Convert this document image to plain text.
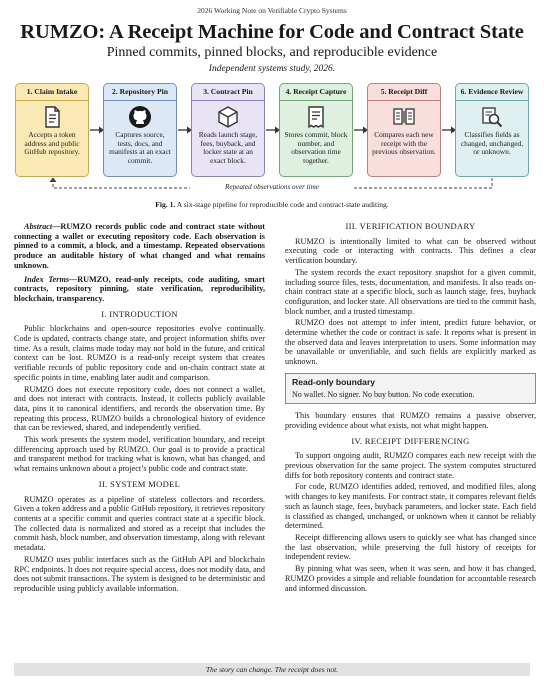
2026 Working Note on Verifiable Crypto Systems
RUMZO: A Receipt Machine for Code and Contract State
Pinned commits, pinned blocks, and reproducible evidence
Independent systems study, 2026.
1. Claim Intake
Accepts a token address and public GitHub repository.
2. Repository Pin
Captures source, tests, docs, and manifests at an exact commit.
3. Contract Pin
Reads launch stage, fees, buyback, and locker state at an exact block.
4. Receipt Capture
Stores commit, block number, and observation time together.
5. Receipt Diff
Compares each new receipt with the previous observation.
6. Evidence Review
Classifies fields as changed, unchanged, or unknown.
Repeated observations over time
Fig. 1. A six-stage pipeline for reproducible code and contract-state auditing.

Abstract—RUMZO records public code and contract state without connecting a wallet or executing repository code. Each observation is pinned to a commit, a block, and a timestamp. Repeated observations produce an auditable history of what changed and what remains unknown.

Index Terms—RUMZO, read-only receipts, code auditing, smart contracts, repository pinning, state verification, reproducibility, blockchain, transparency.

I. INTRODUCTION

Public blockchains and open-source repositories evolve continually. Code is updated, contracts change state, and project information shifts over time. As a result, claims made today may not hold in the future, and critical context can be lost. RUMZO is a read-only receipt system that creates verifiable records of public repository code and on-chain contract state at specific points in time, enabling later audit and comparison.

RUMZO does not execute repository code, does not connect a wallet, and does not interact with contracts. Instead, it collects publicly available data, pins it to canonical identifiers, and records the observation time. By repeating this process, RUMZO builds a chronological history of evidence that can be reviewed, shared, and independently verified.

This work presents the system model, verification boundary, and receipt differencing approach used by RUMZO. Our goal is to provide a practical and transparent method for tracking what is known, what has changed, and what remains unknown about a project’s public code and contract state.

II. SYSTEM MODEL

RUMZO operates as a pipeline of stateless collectors and recorders. Given a token address and a public GitHub repository, it retrieves repository contents at a specific commit and queries contract state at a specific block. The collected data is normalized and stored as a receipt that includes the commit hash, block number, and observation timestamp, along with relevant metadata.

RUMZO uses public interfaces such as the GitHub API and blockchain RPC endpoints. It does not require special access, does not modify data, and does not submit transactions. The system is designed to be deterministic and reproducible using publicly available information.

III. VERIFICATION BOUNDARY

RUMZO is intentionally limited to what can be observed without executing code or interacting with contracts. This defines a clear verification boundary.

The system records the exact repository snapshot for a given commit, including source files, tests, documentation, and manifests. It also reads on-chain contract state at a specific block, such as launch stage, fees, buyback configuration, and locker state. All observations are tied to the commit hash, block number, and a trusted timestamp.

RUMZO does not attempt to infer intent, predict future behavior, or determine whether the code or contract is safe. It reports what is present in the observed data and leaves interpretation to users. Some information may be unavailable or unverifiable, and such fields are explicitly marked as unknown.

Read-only boundary
No wallet. No signer. No buy button. No code execution.

This boundary ensures that RUMZO remains a passive observer, providing evidence about what exists, not what might happen.

IV. RECEIPT DIFFERENCING

To support ongoing audit, RUMZO compares each new receipt with the previous observation for the same project. The system computes structured diffs for both repository contents and contract state.

For code, RUMZO identifies added, removed, and modified files, along with changes to key manifests. For contract state, it compares relevant fields such as launch stage, fees, buyback parameters, and locker state. Each field is classified as changed, unchanged, or unknown when it cannot be reliably determined.

Receipt differencing allows users to quickly see what has changed since the last observation, while preserving the full history of receipts for independent review.

By pinning what was seen, when it was seen, and how it has changed, RUMZO provides a simple and reliable foundation for accountable research and informed discussion.

The story can change. The receipt does not.
